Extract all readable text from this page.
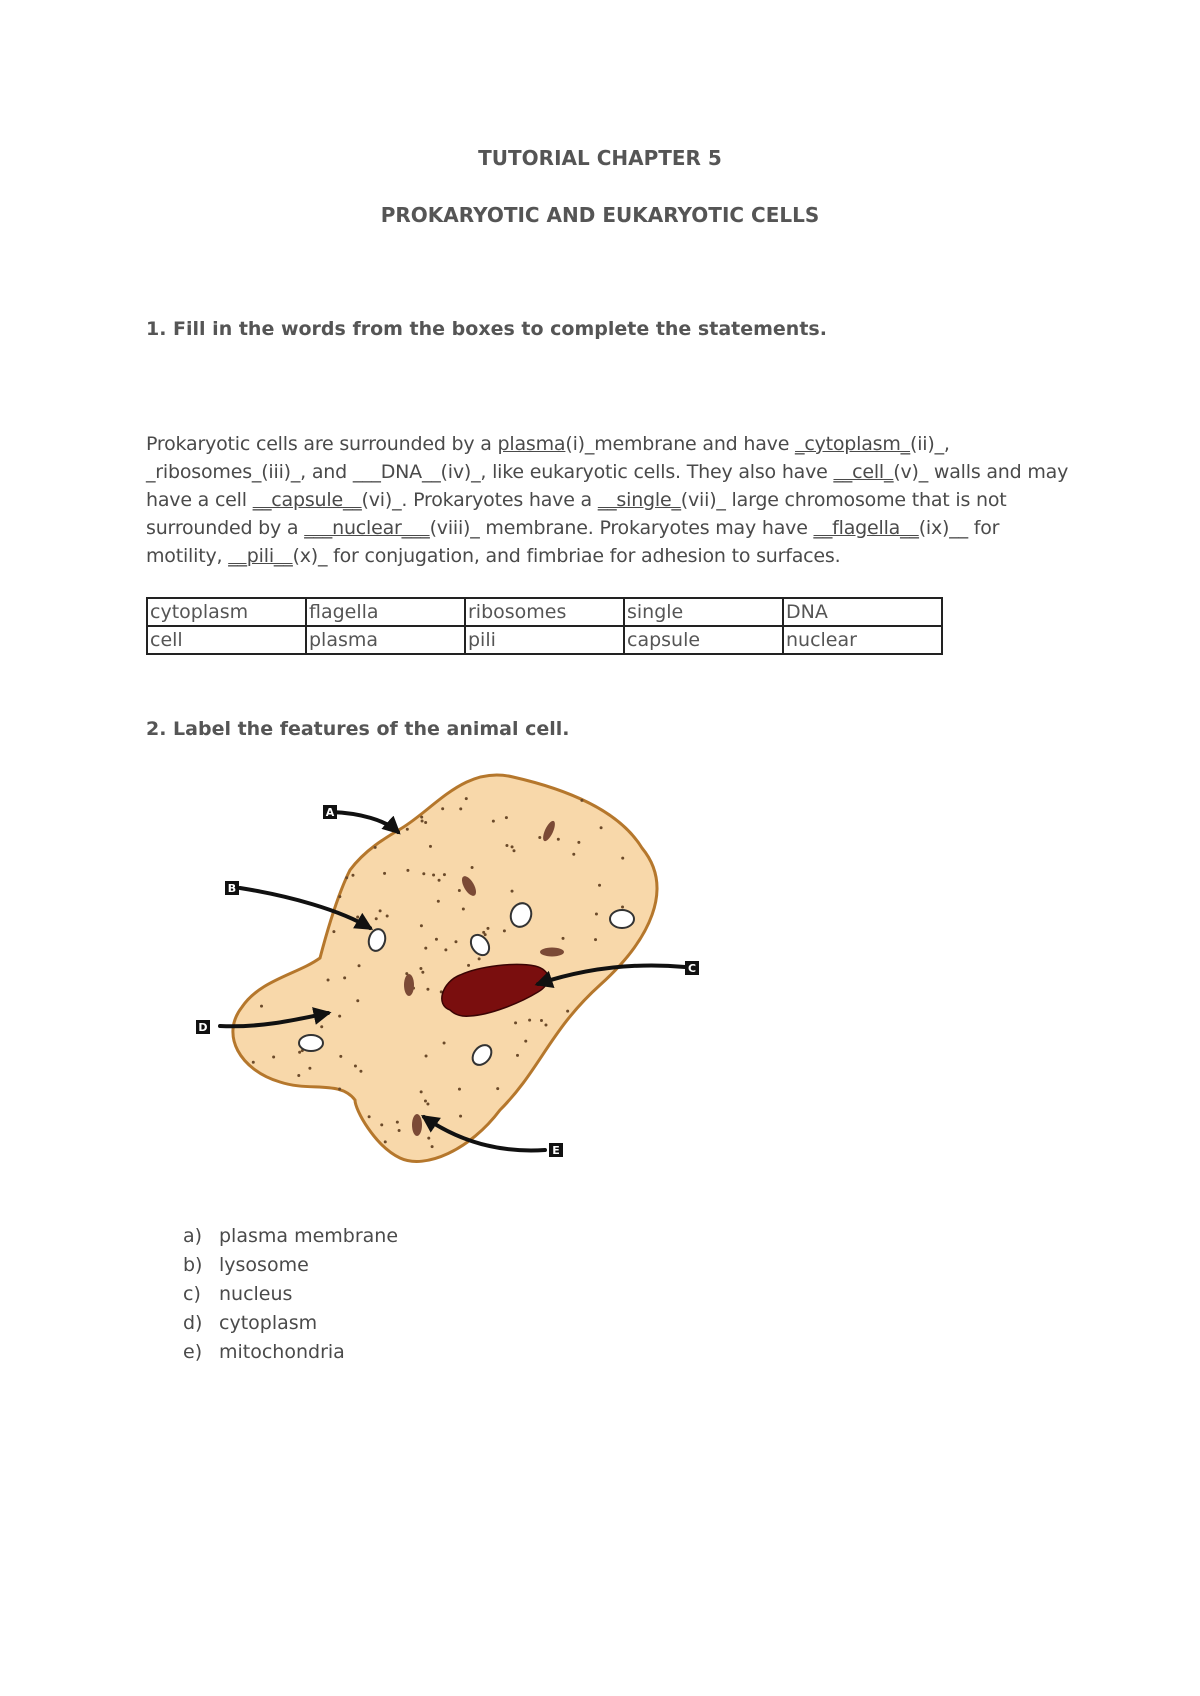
TUTORIAL CHAPTER 5
PROKARYOTIC AND EUKARYOTIC CELLS
1. Fill in the words from the boxes to complete the statements.
Prokaryotic cells are surrounded by a plasma(i)_membrane and have _cytoplasm_(ii)_,
_ribosomes_(iii)_, and ___DNA__(iv)_, like eukaryotic cells. They also have __cell_(v)_ walls and may
have a cell __capsule__(vi)_. Prokaryotes have a __single_(vii)_ large chromosome that is not
surrounded by a ___nuclear___(viii)_ membrane. Prokaryotes may have __flagella__(ix)__ for
motility, __pili__(x)_ for conjugation, and fimbriae for adhesion to surfaces.
cytoplasm	flagella	ribosomes	single	DNA
cell	plasma	pili	capsule	nuclear
2. Label the features of the animal cell.
A
B
C
D
E
a) plasma membrane
b) lysosome
c) nucleus
d) cytoplasm
e) mitochondria
